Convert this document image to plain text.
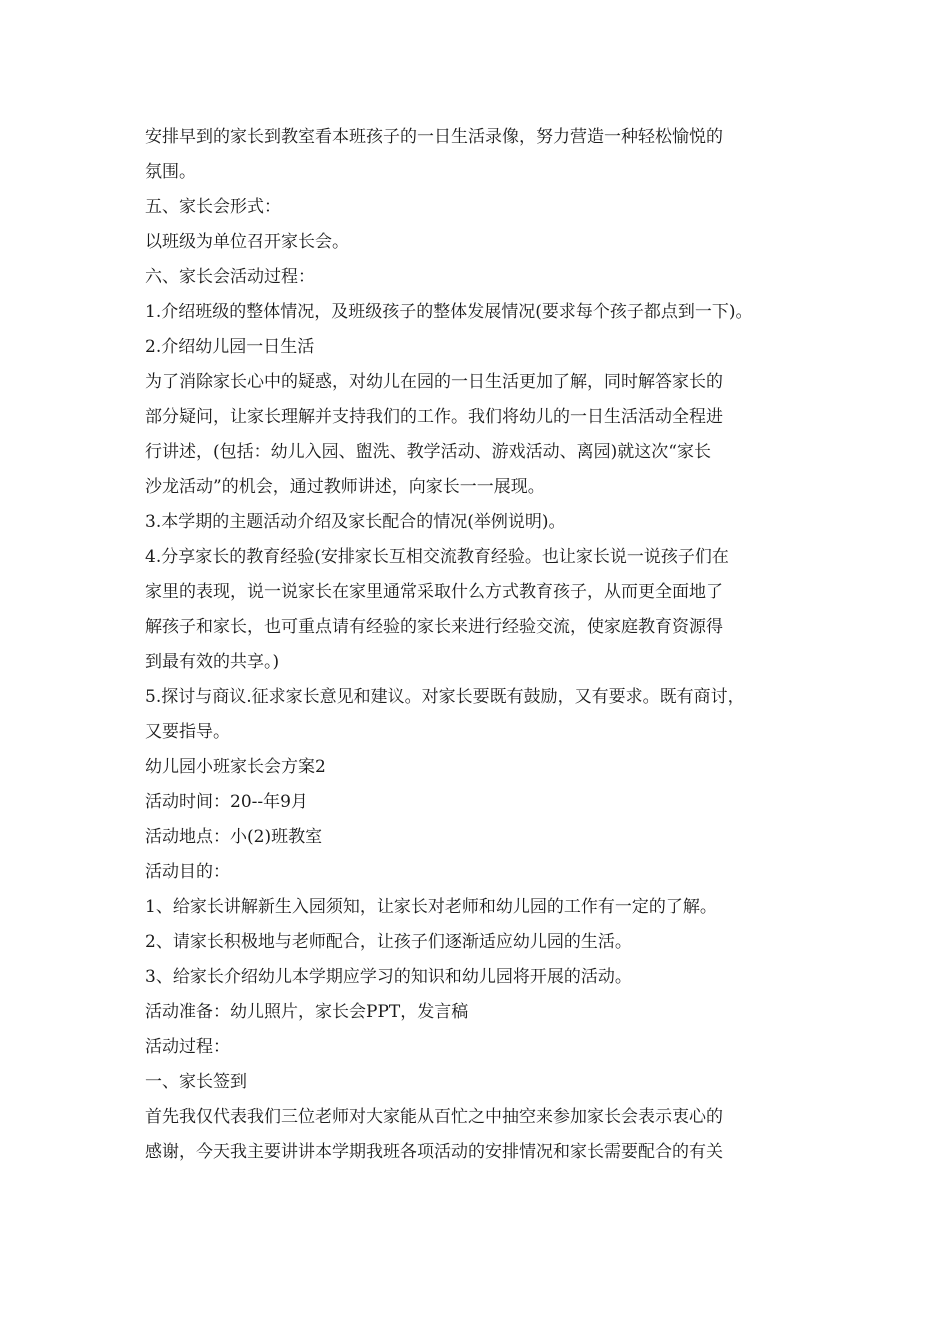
安排早到的家长到教室看本班孩子的一日生活录像，努力营造一种轻松愉悦的
氛围。
五、家长会形式：
以班级为单位召开家长会。
六、家长会活动过程：
1.介绍班级的整体情况，及班级孩子的整体发展情况(要求每个孩子都点到一下)。
2.介绍幼儿园一日生活
为了消除家长心中的疑惑，对幼儿在园的一日生活更加了解，同时解答家长的
部分疑问，让家长理解并支持我们的工作。我们将幼儿的一日生活活动全程进
行讲述，(包括：幼儿入园、盥洗、教学活动、游戏活动、离园)就这次“家长
沙龙活动”的机会，通过教师讲述，向家长一一展现。
3.本学期的主题活动介绍及家长配合的情况(举例说明)。
4.分享家长的教育经验(安排家长互相交流教育经验。也让家长说一说孩子们在
家里的表现，说一说家长在家里通常采取什么方式教育孩子，从而更全面地了
解孩子和家长，也可重点请有经验的家长来进行经验交流，使家庭教育资源得
到最有效的共享。)
5.探讨与商议.征求家长意见和建议。对家长要既有鼓励，又有要求。既有商讨，
又要指导。
幼儿园小班家长会方案2
活动时间：20--年9月
活动地点：小(2)班教室
活动目的：
1、给家长讲解新生入园须知，让家长对老师和幼儿园的工作有一定的了解。
2、请家长积极地与老师配合，让孩子们逐渐适应幼儿园的生活。
3、给家长介绍幼儿本学期应学习的知识和幼儿园将开展的活动。
活动准备：幼儿照片，家长会PPT，发言稿
活动过程：
一、家长签到
首先我仅代表我们三位老师对大家能从百忙之中抽空来参加家长会表示衷心的
感谢，今天我主要讲讲本学期我班各项活动的安排情况和家长需要配合的有关
